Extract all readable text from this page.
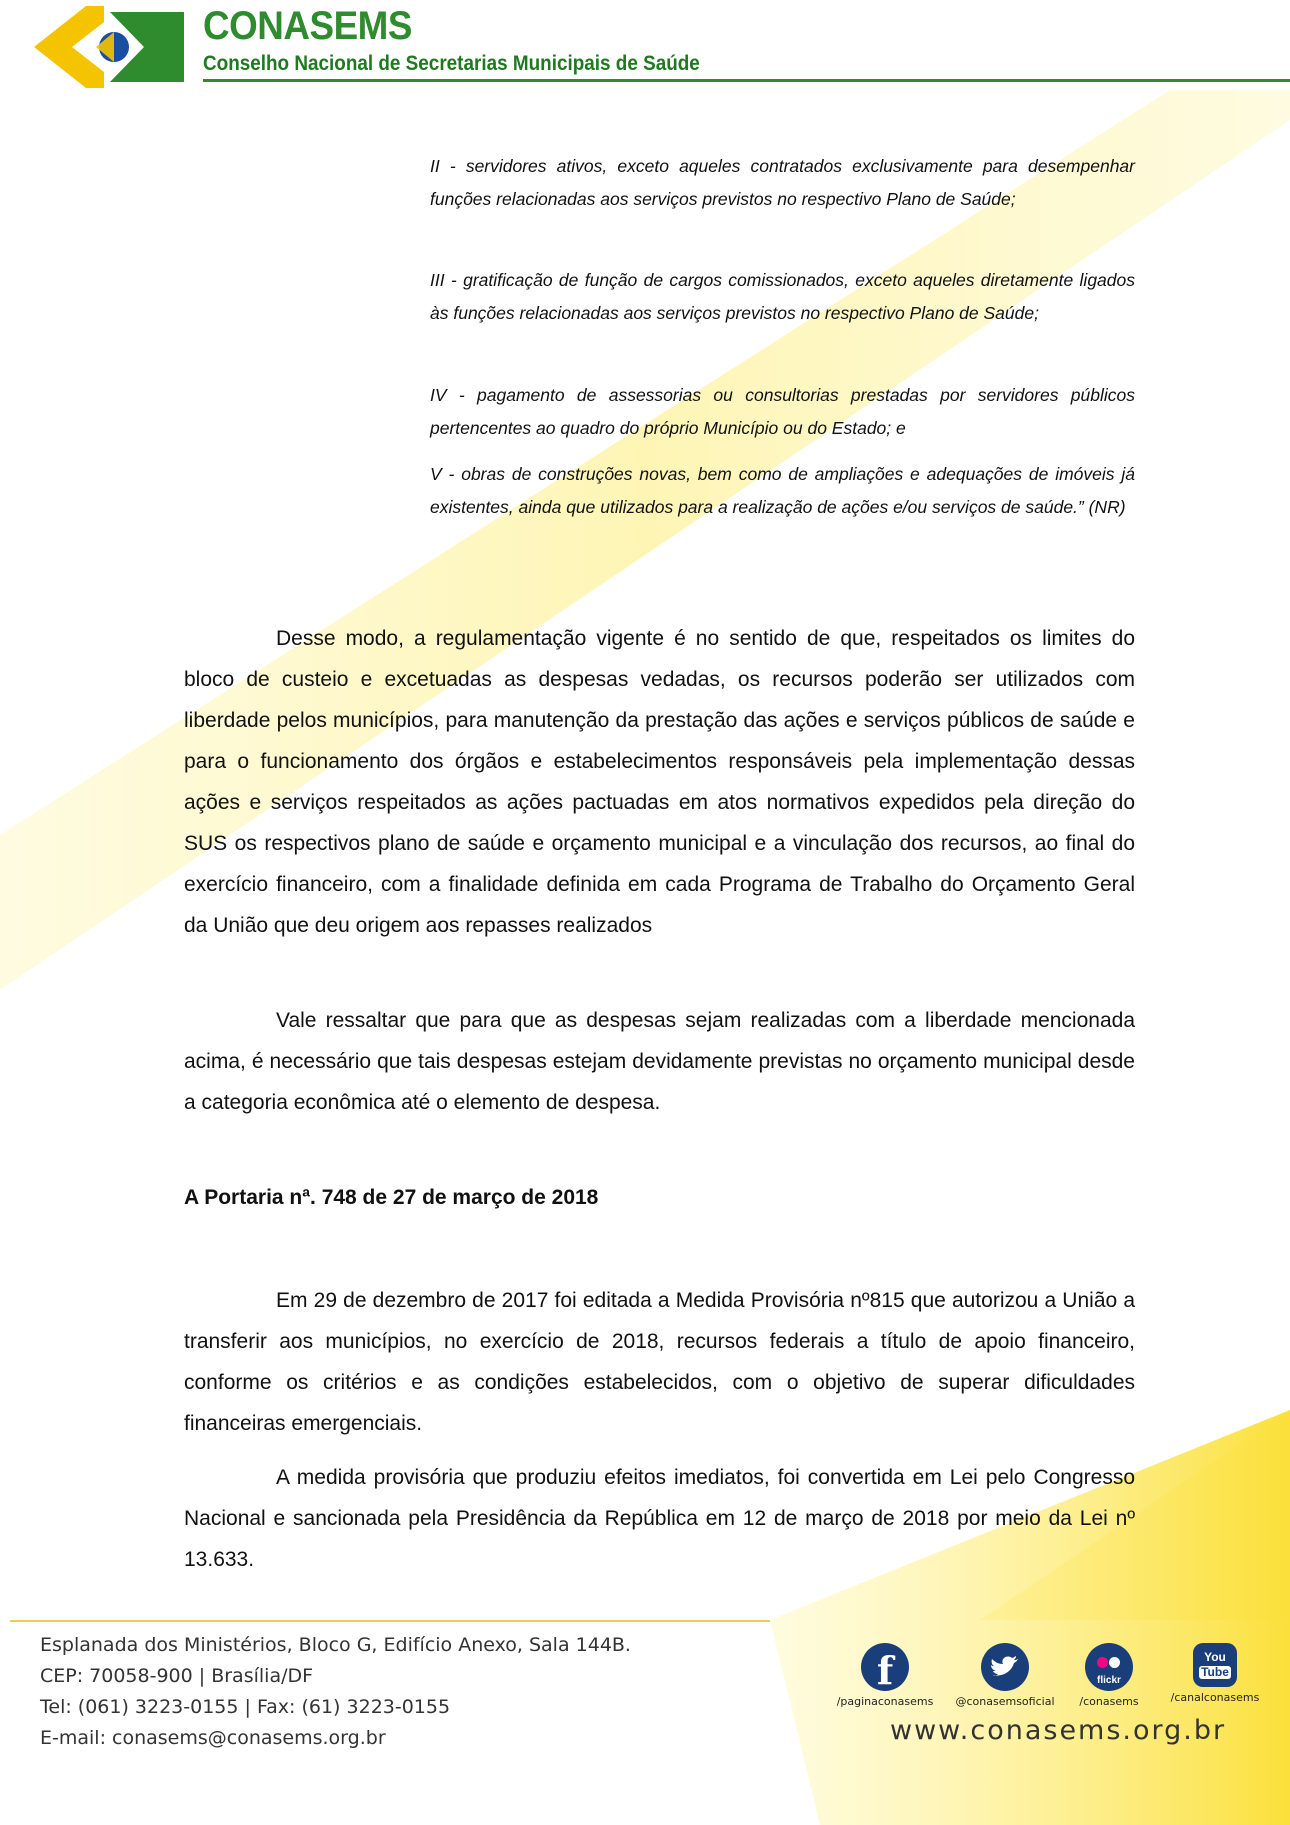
CONASEMS
Conselho Nacional de Secretarias Municipais de Saúde
II - servidores ativos, exceto aqueles contratados exclusivamente para desempenhar funções relacionadas aos serviços previstos no respectivo Plano de Saúde;
III - gratificação de função de cargos comissionados, exceto aqueles diretamente ligados às funções relacionadas aos serviços previstos no respectivo Plano de Saúde;
IV - pagamento de assessorias ou consultorias prestadas por servidores públicos pertencentes ao quadro do próprio Município ou do Estado; e
V - obras de construções novas, bem como de ampliações e adequações de imóveis já existentes, ainda que utilizados para a realização de ações e/ou serviços de saúde.” (NR)

Desse modo, a regulamentação vigente é no sentido de que, respeitados os limites do bloco de custeio e excetuadas as despesas vedadas, os recursos poderão ser utilizados com liberdade pelos municípios, para manutenção da prestação das ações e serviços públicos de saúde e para o funcionamento dos órgãos e estabelecimentos responsáveis pela implementação dessas ações e serviços respeitados as ações pactuadas em atos normativos expedidos pela direção do SUS os respectivos plano de saúde e orçamento municipal e a vinculação dos recursos, ao final do exercício financeiro, com a finalidade definida em cada Programa de Trabalho do Orçamento Geral da União que deu origem aos repasses realizados

A Portaria nª. 748 de 27 de março de 2018

Vale ressaltar que para que as despesas sejam realizadas com a liberdade mencionada acima, é necessário que tais despesas estejam devidamente previstas no orçamento municipal desde a categoria econômica até o elemento de despesa.

Em 29 de dezembro de 2017 foi editada a Medida Provisória nº815 que autorizou a União a transferir aos municípios, no exercício de 2018, recursos federais a título de apoio financeiro, conforme os critérios e as condições estabelecidos, com o objetivo de superar dificuldades financeiras emergenciais.

A medida provisória que produziu efeitos imediatos, foi convertida em Lei pelo Congresso Nacional e sancionada pela Presidência da República em 12 de março de 2018 por meio da Lei nº 13.633.

Esplanada dos Ministérios, Bloco G, Edifício Anexo, Sala 144B.
CEP: 70058-900 | Brasília/DF
Tel: (061) 3223-0155 | Fax: (61) 3223-0155
E-mail: conasems@conasems.org.br
f
/paginaconasems	@conasemsoficial
flickr
/conasems
You
Tube
/canalconasems
www.conasems.org.br
